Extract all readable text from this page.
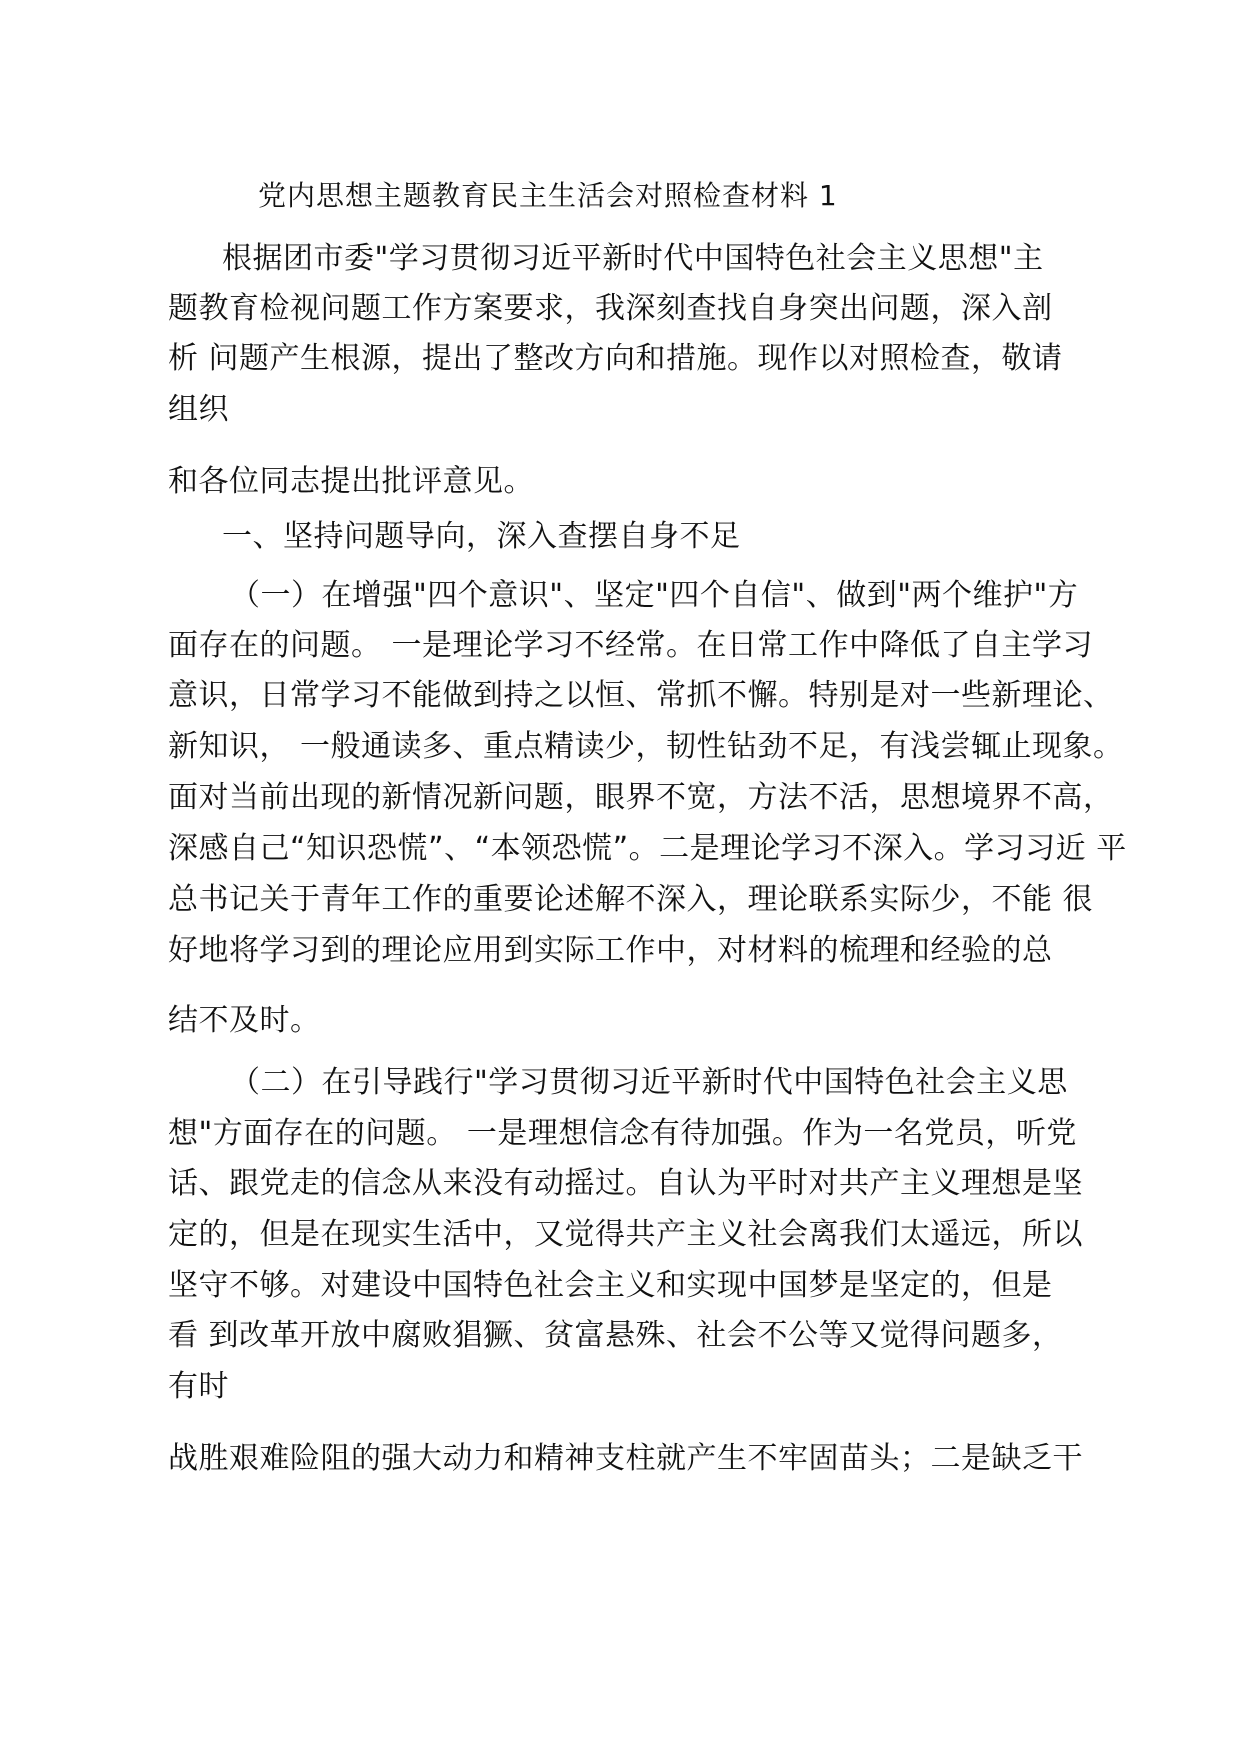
党内思想主题教育民主生活会对照检查材料 1
根据团市委"学习贯彻习近平新时代中国特色社会主义思想"主
题教育检视问题工作方案要求，我深刻查找自身突出问题，深入剖
析 问题产生根源，提出了整改方向和措施。现作以对照检查，敬请
组织
和各位同志提出批评意见。
一、坚持问题导向，深入查摆自身不足
（一）在增强"四个意识"、坚定"四个自信"、做到"两个维护"方
面存在的问题。 一是理论学习不经常。在日常工作中降低了自主学习
意识，日常学习不能做到持之以恒、常抓不懈。特别是对一些新理论、
新知识， 一般通读多、重点精读少，韧性钻劲不足，有浅尝辄止现象。
面对当前出现的新情况新问题，眼界不宽，方法不活，思想境界不高，
深感自己“知识恐慌”、“本领恐慌”。二是理论学习不深入。学习习近 平
总书记关于青年工作的重要论述解不深入，理论联系实际少，不能 很
好地将学习到的理论应用到实际工作中，对材料的梳理和经验的总
结不及时。
（二）在引导践行"学习贯彻习近平新时代中国特色社会主义思
想"方面存在的问题。 一是理想信念有待加强。作为一名党员，听党
话、跟党走的信念从来没有动摇过。自认为平时对共产主义理想是坚
定的，但是在现实生活中，又觉得共产主义社会离我们太遥远，所以
坚守不够。对建设中国特色社会主义和实现中国梦是坚定的，但是
看 到改革开放中腐败猖獗、贫富悬殊、社会不公等又觉得问题多，
有时
战胜艰难险阻的强大动力和精神支柱就产生不牢固苗头；二是缺乏干
